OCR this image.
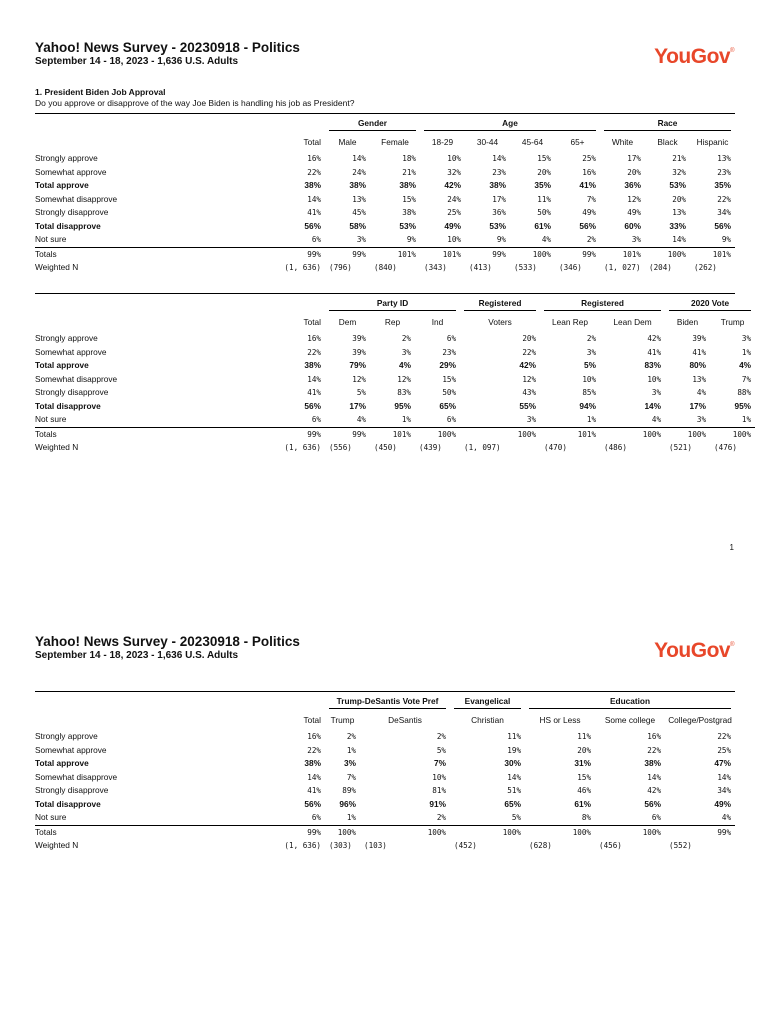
Yahoo! News Survey - 20230918 - Politics
September 14 - 18, 2023 - 1,636 U.S. Adults	YouGov®
1. President Biden Job Approval
Do you approve or disapprove of the way Joe Biden is handling his job as President?

		Gender		Age				Race		

	Total	Male	Female	18-29	30-44	45-64	65+	White	Black	Hispanic
Strongly approve	16%	14%	18%	10%	14%	15%	25%	17%	21%	13%
Somewhat approve	22%	24%	21%	32%	23%	20%	16%	20%	32%	23%
Total approve	38%	38%	38%	42%	38%	35%	41%	36%	53%	35%
Somewhat disapprove	14%	13%	15%	24%	17%	11%	7%	12%	20%	22%
Strongly disapprove	41%	45%	38%	25%	36%	50%	49%	49%	13%	34%
Total disapprove	56%	58%	53%	49%	53%	61%	56%	60%	33%	56%
Not sure	6%	3%	9%	10%	9%	4%	2%	3%	14%	9%

Totals	99%	99%	101%	101%	99%	100%	99%	101%	100%	101%
Weighted N	(1, 636)	(796)	(840)	(343)	(413)	(533)	(346)	(1, 027)	(204)	(262)

		Party ID			Registered	Registered		2020 Vote	

	Total	Dem	Rep	Ind	Voters	Lean Rep	Lean Dem	Biden	Trump
Strongly approve	16%	39%	2%	6%	20%	2%	42%	39%	3%
Somewhat approve	22%	39%	3%	23%	22%	3%	41%	41%	1%
Total approve	38%	79%	4%	29%	42%	5%	83%	80%	4%
Somewhat disapprove	14%	12%	12%	15%	12%	10%	10%	13%	7%
Strongly disapprove	41%	5%	83%	50%	43%	85%	3%	4%	88%
Total disapprove	56%	17%	95%	65%	55%	94%	14%	17%	95%
Not sure	6%	4%	1%	6%	3%	1%	4%	3%	1%

Totals	99%	99%	101%	100%	100%	101%	100%	100%	100%
Weighted N	(1, 636)	(556)	(450)	(439)	(1, 097)	(470)	(486)	(521)	(476)
1
Yahoo! News Survey - 20230918 - Politics
September 14 - 18, 2023 - 1,636 U.S. Adults	YouGov®

		Trump-DeSantis Vote Pref		Evangelical	Education		

	Total	Trump	DeSantis	Christian	HS or Less	Some college	College/Postgrad
Strongly approve	16%	2%	2%	11%	11%	16%	22%
Somewhat approve	22%	1%	5%	19%	20%	22%	25%
Total approve	38%	3%	7%	30%	31%	38%	47%
Somewhat disapprove	14%	7%	10%	14%	15%	14%	14%
Strongly disapprove	41%	89%	81%	51%	46%	42%	34%
Total disapprove	56%	96%	91%	65%	61%	56%	49%
Not sure	6%	1%	2%	5%	8%	6%	4%

Totals	99%	100%	100%	100%	100%	100%	99%
Weighted N	(1, 636)	(303)	(103)	(452)	(628)	(456)	(552)
